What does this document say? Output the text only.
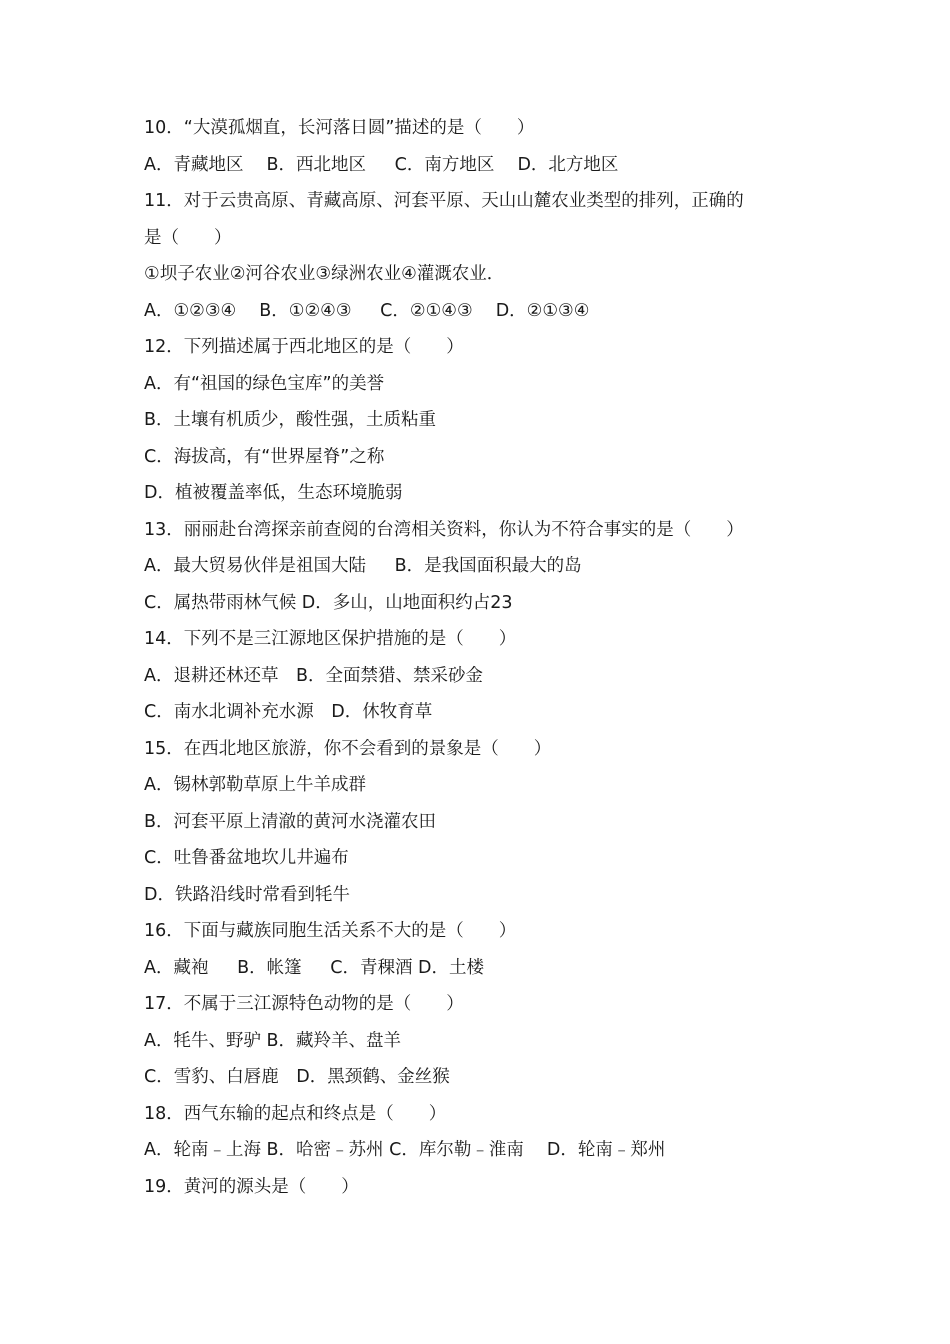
10．“大漠孤烟直，长河落日圆”描述的是（　　）
A．青藏地区　 B．西北地区　  C．南方地区　 D．北方地区
11．对于云贵高原、青藏高原、河套平原、天山山麓农业类型的排列，正确的
是（　　）
①坝子农业②河谷农业③绿洲农业④灌溉农业．
A．①②③④　 B．①②④③　  C．②①④③　 D．②①③④
12．下列描述属于西北地区的是（　　）
A．有“祖国的绿色宝库”的美誉
B．土壤有机质少，酸性强，土质粘重
C．海拔高，有“世界屋脊”之称
D．植被覆盖率低，生态环境脆弱
13．丽丽赴台湾探亲前查阅的台湾相关资料，你认为不符合事实的是（　　）
A．最大贸易伙伴是祖国大陆　  B．是我国面积最大的岛
C．属热带雨林气候 D．多山，山地面积约占23
14．下列不是三江源地区保护措施的是（　　）
A．退耕还林还草　B．全面禁猎、禁采砂金
C．南水北调补充水源　D．休牧育草
15．在西北地区旅游，你不会看到的景象是（　　）
A．锡林郭勒草原上牛羊成群
B．河套平原上清澈的黄河水浇灌农田
C．吐鲁番盆地坎儿井遍布
D．铁路沿线时常看到牦牛
16．下面与藏族同胞生活关系不大的是（　　）
A．藏袍　  B．帐篷　  C．青稞酒 D．土楼
17．不属于三江源特色动物的是（　　）
A．牦牛、野驴 B．藏羚羊、盘羊
C．雪豹、白唇鹿　D．黑颈鹤、金丝猴
18．西气东输的起点和终点是（　　）
A．轮南﹣上海 B．哈密﹣苏州 C．库尔勒﹣淮南　 D．轮南﹣郑州
19．黄河的源头是（　　）
